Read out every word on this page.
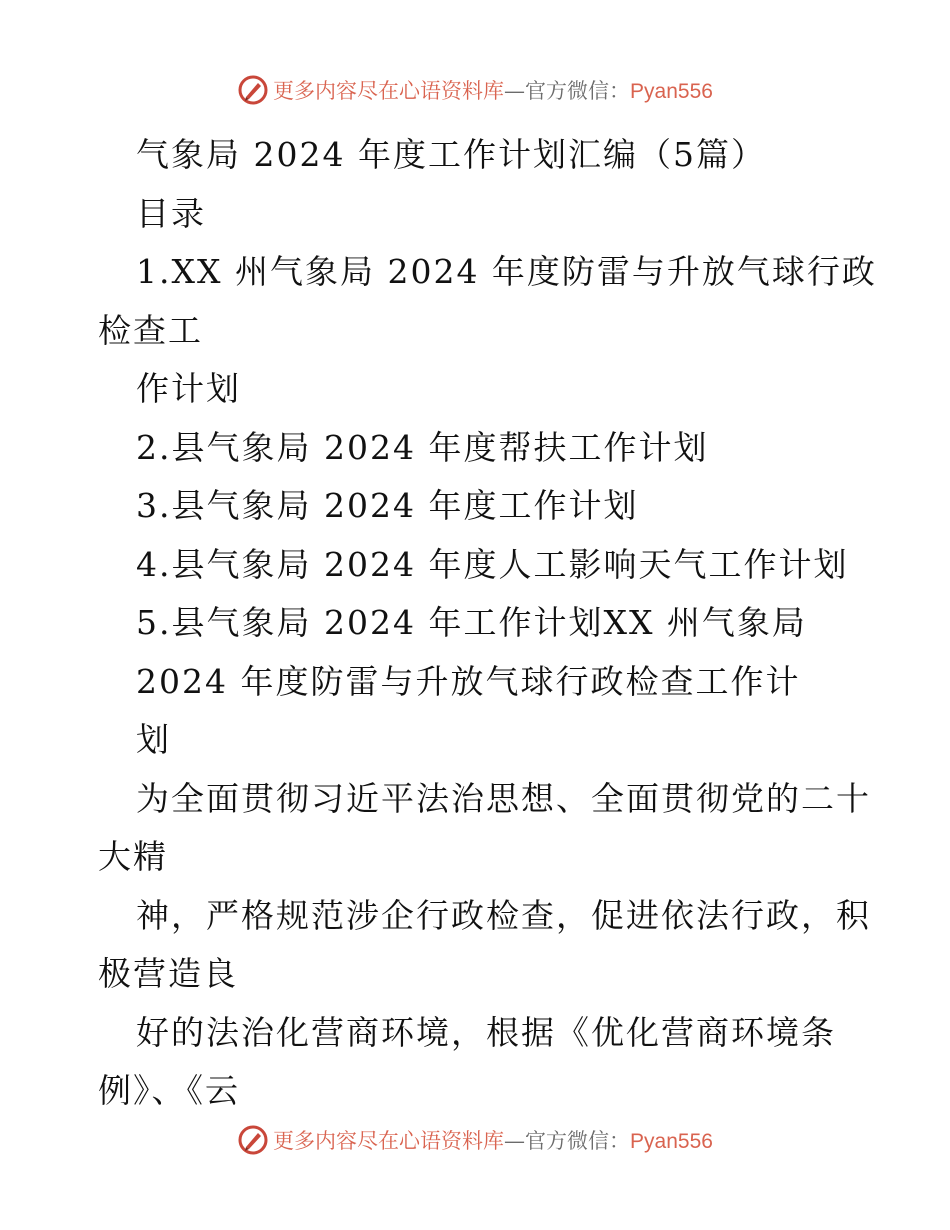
更多内容尽在心语资料库—官方微信：Pyan556
气象局 2024 年度工作计划汇编（5篇）
目录
1.XX 州气象局 2024 年度防雷与升放气球行政
检查工
作计划
2.县气象局 2024 年度帮扶工作计划
3.县气象局 2024 年度工作计划
4.县气象局 2024 年度人工影响天气工作计划
5.县气象局 2024 年工作计划XX 州气象局
2024 年度防雷与升放气球行政检查工作计
划
为全面贯彻习近平法治思想、全面贯彻党的二十
大精
神，严格规范涉企行政检查，促进依法行政，积
极营造良
好的法治化营商环境，根据《优化营商环境条
例》、《云
更多内容尽在心语资料库—官方微信：Pyan556
